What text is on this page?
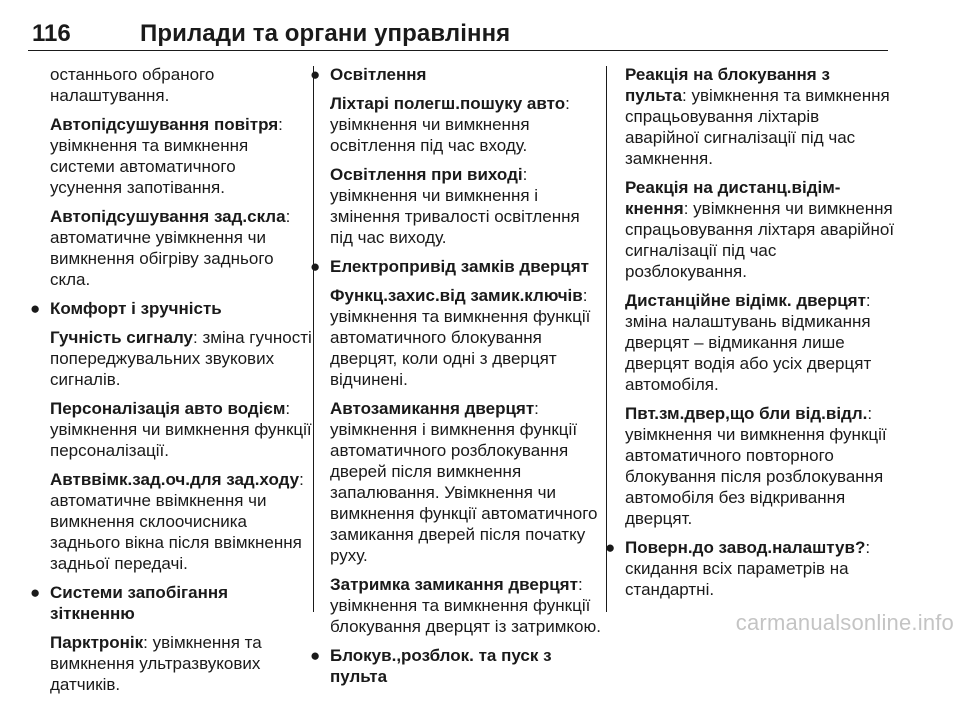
116	Прилади та органи управління
останнього обраного налаштування.
Автопідсушування повітря: увімкнення та вимкнення системи автоматичного усунення запотівання.
Автопідсушування зад.скла: автоматичне увімкнення чи вимкнення обігріву заднього скла.
● Комфорт і зручність
Гучність сигналу: зміна гучності попереджувальних звукових сигналів.
Персоналізація авто водієм: увімкнення чи вимкнення функції персоналізації.
Автввімк.зад.оч.для зад.ходу: автоматичне ввімкнення чи вимкнення склоочисника заднього вікна після ввімкнення задньої передачі.
● Системи запобігання зіткненню
Парктронік: увімкнення та вимкнення ультразвукових датчиків.
● Освітлення
Ліхтарі полегш.пошуку авто: увімкнення чи вимкнення освітлення під час входу.
Освітлення при виході: увімкнення чи вимкнення і змінення тривалості освітлення під час виходу.
● Електропривід замків дверцят
Функц.захис.від замик.ключів: увімкнення та вимкнення функції автоматичного блокування дверцят, коли одні з дверцят відчинені.
Автозамикання дверцят: увімкнення і вимкнення функції автоматичного розблокування дверей після вимкнення запалювання. Увімкнення чи вимкнення функції автоматичного замикання дверей після початку руху.
Затримка замикання дверцят: увімкнення та вимкнення функції блокування дверцят із затримкою.
● Блокув.,розблок. та пуск з пульта
Реакція на блокування з пульта: увімкнення та вимкнення спрацьовування ліхтарів аварійної сигналізації під час замкнення.
Реакція на дистанц.відім-кнення: увімкнення чи вимкнення спрацьовування ліхтаря аварійної сигналізації під час розблокування.
Дистанційне відімк. дверцят: зміна налаштувань відмикання дверцят – відмикання лише дверцят водія або усіх дверцят автомобіля.
Пвт.зм.двер,що бли від.відл.: увімкнення чи вимкнення функції автоматичного повторного блокування після розблокування автомобіля без відкривання дверцят.
● Поверн.до завод.налаштув?: скидання всіх параметрів на стандартні.
carmanualsonline.info
